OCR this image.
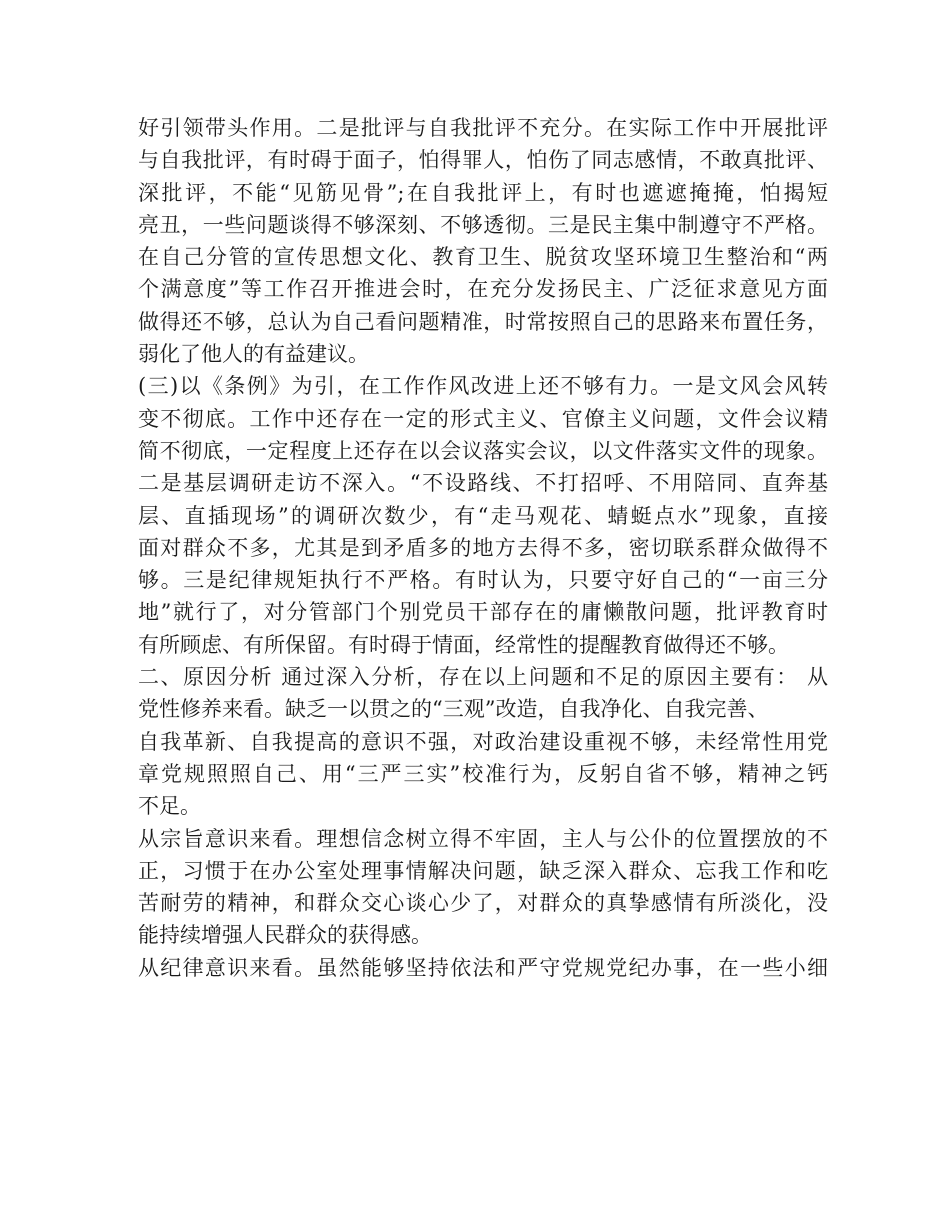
好引领带头作用。二是批评与自我批评不充分。在实际工作中开展批评
与自我批评，有时碍于面子，怕得罪人，怕伤了同志感情，不敢真批评、
深批评，不能“见筋见骨”;在自我批评上，有时也遮遮掩掩，怕揭短
亮丑，一些问题谈得不够深刻、不够透彻。三是民主集中制遵守不严格。
在自己分管的宣传思想文化、教育卫生、脱贫攻坚环境卫生整治和“两
个满意度”等工作召开推进会时，在充分发扬民主、广泛征求意见方面
做得还不够，总认为自己看问题精准，时常按照自己的思路来布置任务，
弱化了他人的有益建议。
(三)以《条例》为引，在工作作风改进上还不够有力。一是文风会风转
变不彻底。工作中还存在一定的形式主义、官僚主义问题，文件会议精
简不彻底，一定程度上还存在以会议落实会议，以文件落实文件的现象。
二是基层调研走访不深入。“不设路线、不打招呼、不用陪同、直奔基
层、直插现场”的调研次数少，有“走马观花、蜻蜓点水”现象，直接
面对群众不多，尤其是到矛盾多的地方去得不多，密切联系群众做得不
够。三是纪律规矩执行不严格。有时认为，只要守好自己的“一亩三分
地”就行了，对分管部门个别党员干部存在的庸懒散问题，批评教育时
有所顾虑、有所保留。有时碍于情面，经常性的提醒教育做得还不够。
二、原因分析 通过深入分析，存在以上问题和不足的原因主要有： 从
党性修养来看。缺乏一以贯之的“三观”改造，自我净化、自我完善、
自我革新、自我提高的意识不强，对政治建设重视不够，未经常性用党
章党规照照自己、用“三严三实”校准行为，反躬自省不够，精神之钙
不足。
从宗旨意识来看。理想信念树立得不牢固，主人与公仆的位置摆放的不
正，习惯于在办公室处理事情解决问题，缺乏深入群众、忘我工作和吃
苦耐劳的精神，和群众交心谈心少了，对群众的真挚感情有所淡化，没
能持续增强人民群众的获得感。
从纪律意识来看。虽然能够坚持依法和严守党规党纪办事，在一些小细
